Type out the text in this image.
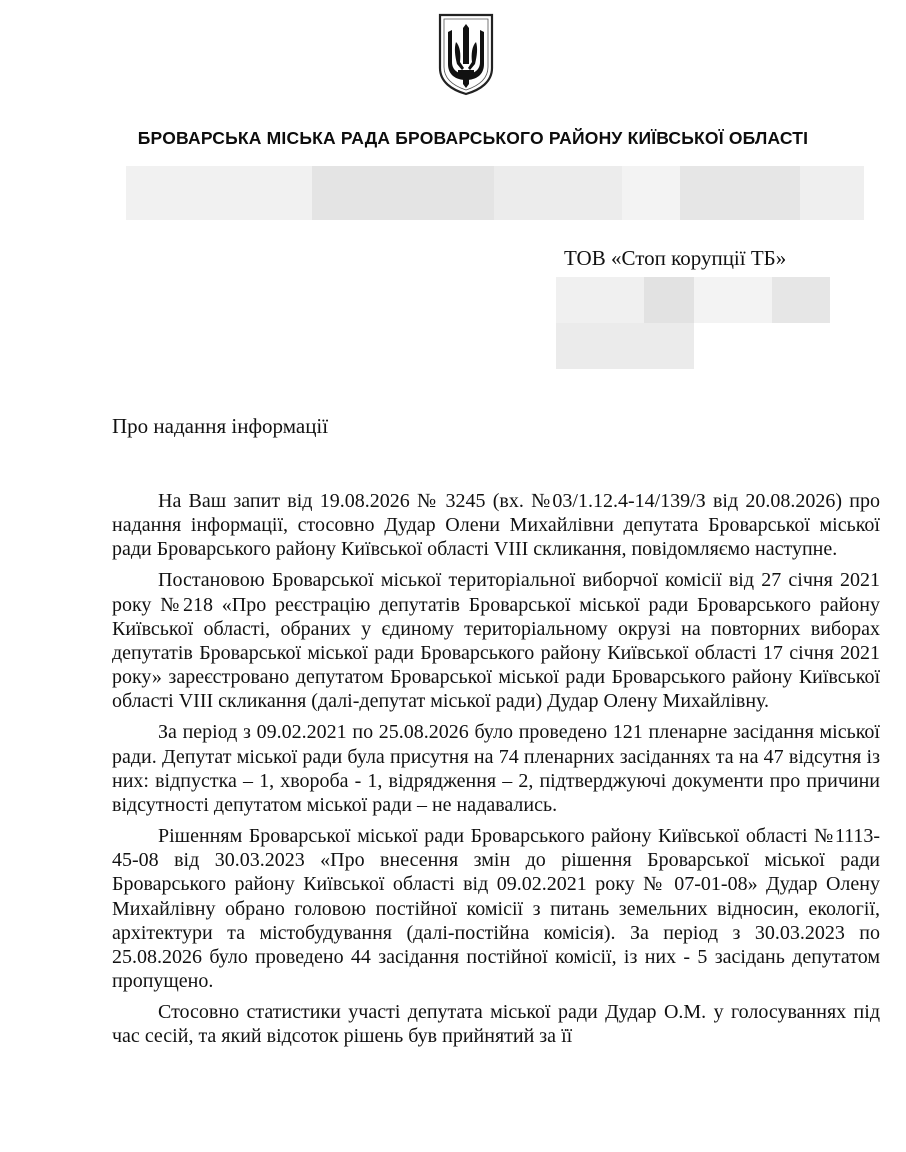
БРОВАРСЬКА МІСЬКА РАДА БРОВАРСЬКОГО РАЙОНУ КИЇВСЬКОЇ ОБЛАСТІ
ТОВ «Стоп корупції ТБ»
Про надання інформації

На Ваш запит від 19.08.2026 № 3245 (вх. №03/1.12.4-14/139/З від 20.08.2026) про надання інформації, стосовно Дудар Олени Михайлівни депутата Броварської міської ради Броварського району Київської області VIII скликання, повідомляємо наступне.

Постановою Броварської міської територіальної виборчої комісії від 27 січня 2021 року №218 «Про реєстрацію депутатів Броварської міської ради Броварського району Київської області, обраних у єдиному територіальному окрузі на повторних виборах депутатів Броварської міської ради Броварського району Київської області 17 січня 2021 року» зареєстровано депутатом Броварської міської ради Броварського району Київської області VIII скликання (далі-депутат міської ради) Дудар Олену Михайлівну.

За період з 09.02.2021 по 25.08.2026 було проведено 121 пленарне засідання міської ради. Депутат міської ради була присутня на 74 пленарних засіданнях та на 47 відсутня із них: відпустка – 1, хвороба - 1, відрядження – 2, підтверджуючі документи про причини відсутності депутатом міської ради – не надавались.

Рішенням Броварської міської ради Броварського району Київської області №1113-45-08 від 30.03.2023 «Про внесення змін до рішення Броварської міської ради Броварського району Київської області від 09.02.2021 року № 07-01-08» Дудар Олену Михайлівну обрано головою постійної комісії з питань земельних відносин, екології, архітектури та містобудування (далі-постійна комісія). За період з 30.03.2023 по 25.08.2026 було проведено 44 засідання постійної комісії, із них - 5 засідань депутатом пропущено.

Стосовно статистики участі депутата міської ради Дудар О.М. у голосуваннях під час сесій, та який відсоток рішень був прийнятий за її
